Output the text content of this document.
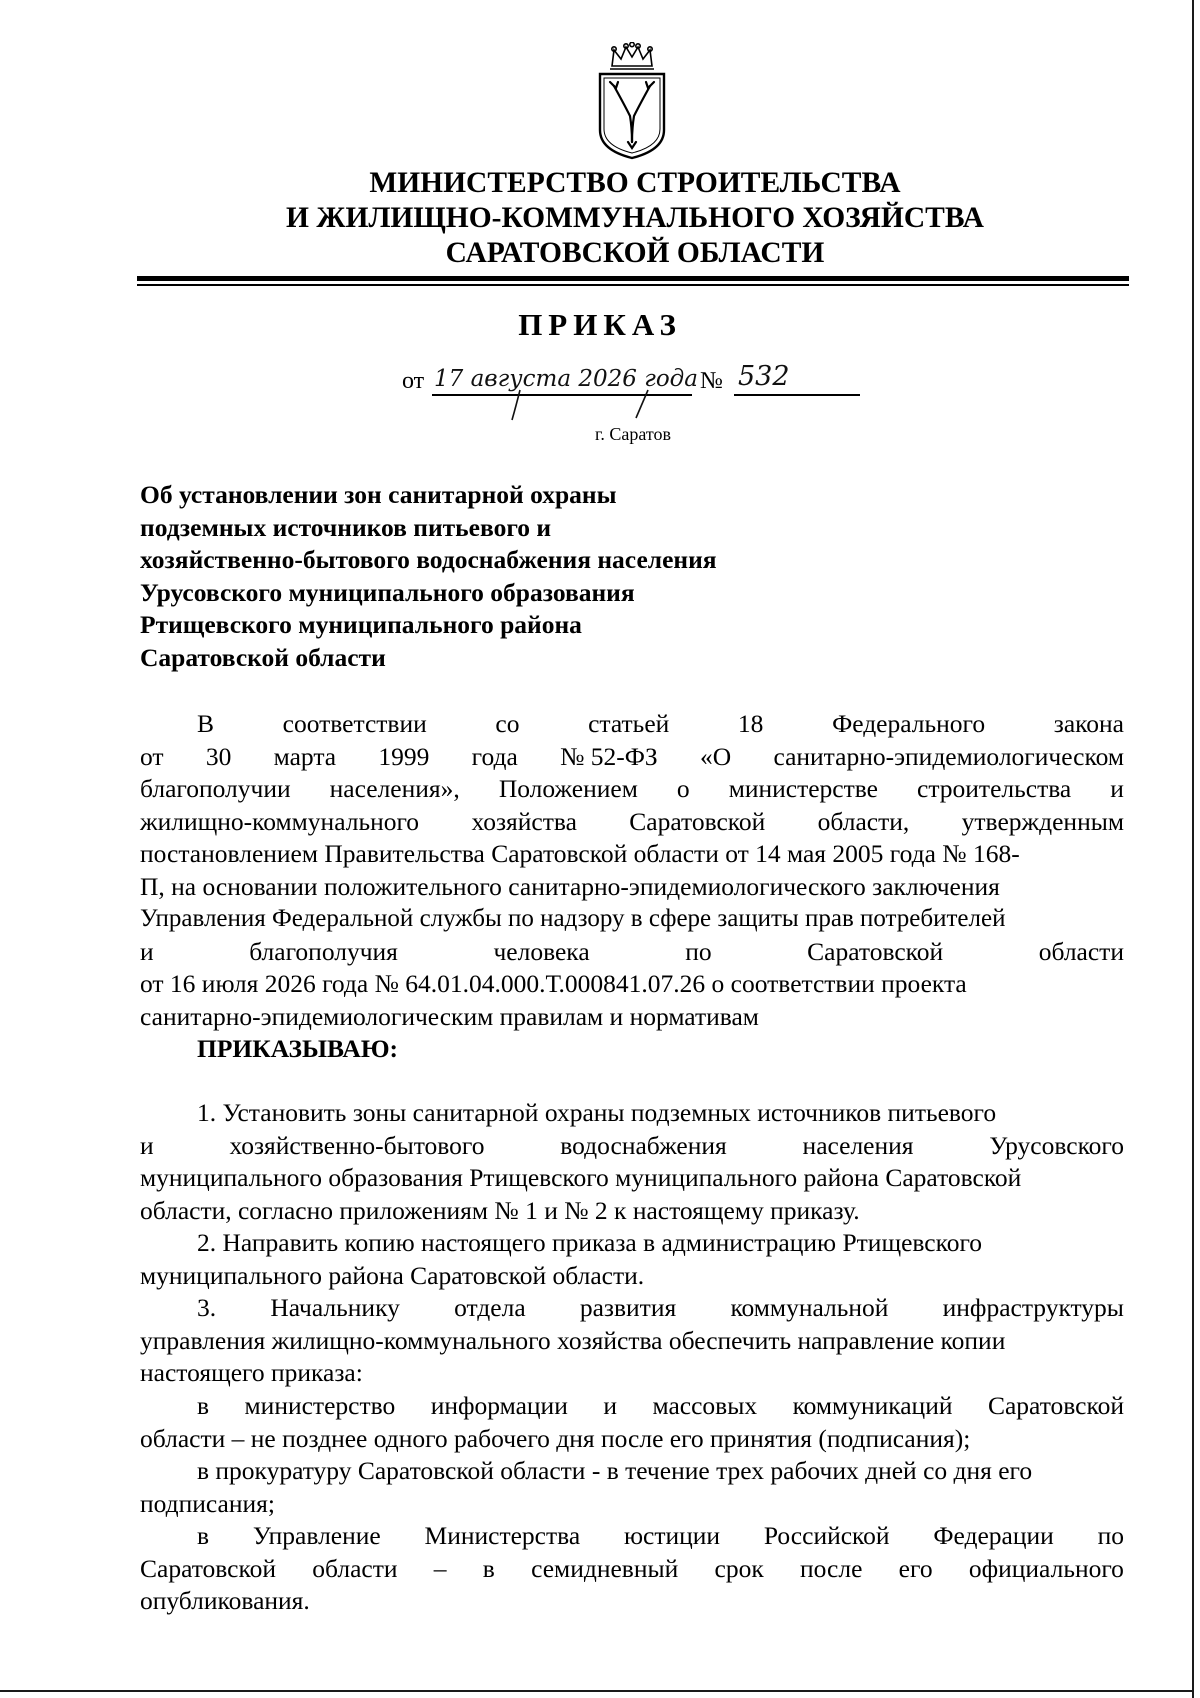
МИНИСТЕРСТВО СТРОИТЕЛЬСТВА
И ЖИЛИЩНО-КОММУНАЛЬНОГО ХОЗЯЙСТВА
САРАТОВСКОЙ ОБЛАСТИ
ПРИКАЗ
от 17 августа 2026 года № 532
г. Саратов
Об установлении зон санитарной охраны
подземных источников питьевого и
хозяйственно-бытового водоснабжения населения
Урусовского муниципального образования
Ртищевского муниципального района
Саратовской области
В	соответствии	со	статьей	18	Федерального	закона
от 30 марта 1999 года № 52-ФЗ «О санитарно-эпидемиологическом
благополучии населения», Положением о министерстве строительства и
жилищно-коммунального хозяйства Саратовской области, утвержденным
постановлением Правительства Саратовской области от 14 мая 2005 года № 168-
П, на основании положительного санитарно-эпидемиологического заключения
Управления Федеральной службы по надзору в сфере защиты прав потребителей
и	благополучия	человека	по	Саратовской	области
от 16 июля 2026 года № 64.01.04.000.Т.000841.07.26 о соответствии проекта
санитарно-эпидемиологическим правилам и нормативам
ПРИКАЗЫВАЮ:
1. Установить зоны санитарной охраны подземных источников питьевого
и	хозяйственно-бытового	водоснабжения	населения	Урусовского
муниципального образования Ртищевского муниципального района Саратовской
области, согласно приложениям № 1 и № 2 к настоящему приказу.
2. Направить копию настоящего приказа в администрацию Ртищевского
муниципального района Саратовской области.
3. Начальнику отдела развития коммунальной инфраструктуры
управления жилищно-коммунального хозяйства обеспечить направление копии
настоящего приказа:
в министерство информации и массовых коммуникаций Саратовской
области – не позднее одного рабочего дня после его принятия (подписания);
в прокуратуру Саратовской области - в течение трех рабочих дней со дня его
подписания;
в Управление Министерства юстиции Российской Федерации по
Саратовской области – в семидневный срок после его официального
опубликования.
